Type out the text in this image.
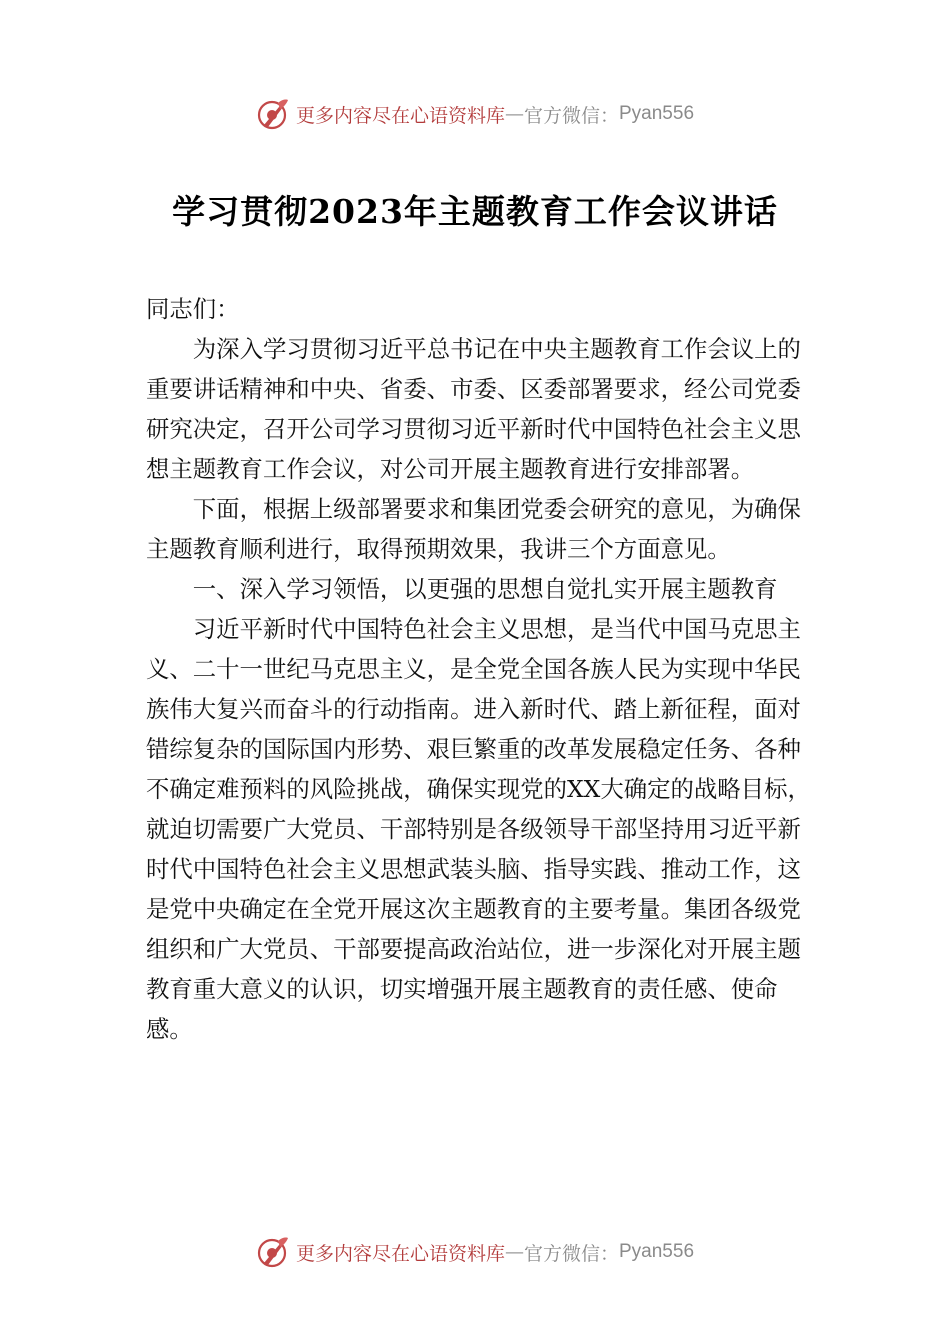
更多内容尽在心语资料库 — 官方微信： Pyan556
学习贯彻2023年主题教育工作会议讲话

同志们：

为深入学习贯彻习近平总书记在中央主题教育工作会议上的重要讲话精神和中央、省委、市委、区委部署要求，经公司党委研究决定，召开公司学习贯彻习近平新时代中国特色社会主义思想主题教育工作会议，对公司开展主题教育进行安排部署。

下面，根据上级部署要求和集团党委会研究的意见，为确保主题教育顺利进行，取得预期效果，我讲三个方面意见。

一、深入学习领悟，以更强的思想自觉扎实开展主题教育

习近平新时代中国特色社会主义思想，是当代中国马克思主义、二十一世纪马克思主义，是全党全国各族人民为实现中华民族伟大复兴而奋斗的行动指南。进入新时代、踏上新征程，面对错综复杂的国际国内形势、艰巨繁重的改革发展稳定任务、各种不确定难预料的风险挑战，确保实现党的XX大确定的战略目标，就迫切需要广大党员、干部特别是各级领导干部坚持用习近平新时代中国特色社会主义思想武装头脑、指导实践、推动工作，这是党中央确定在全党开展这次主题教育的主要考量。集团各级党组织和广大党员、干部要提高政治站位，进一步深化对开展主题教育重大意义的认识，切实增强开展主题教育的责任感、使命感。

更多内容尽在心语资料库 — 官方微信： Pyan556
